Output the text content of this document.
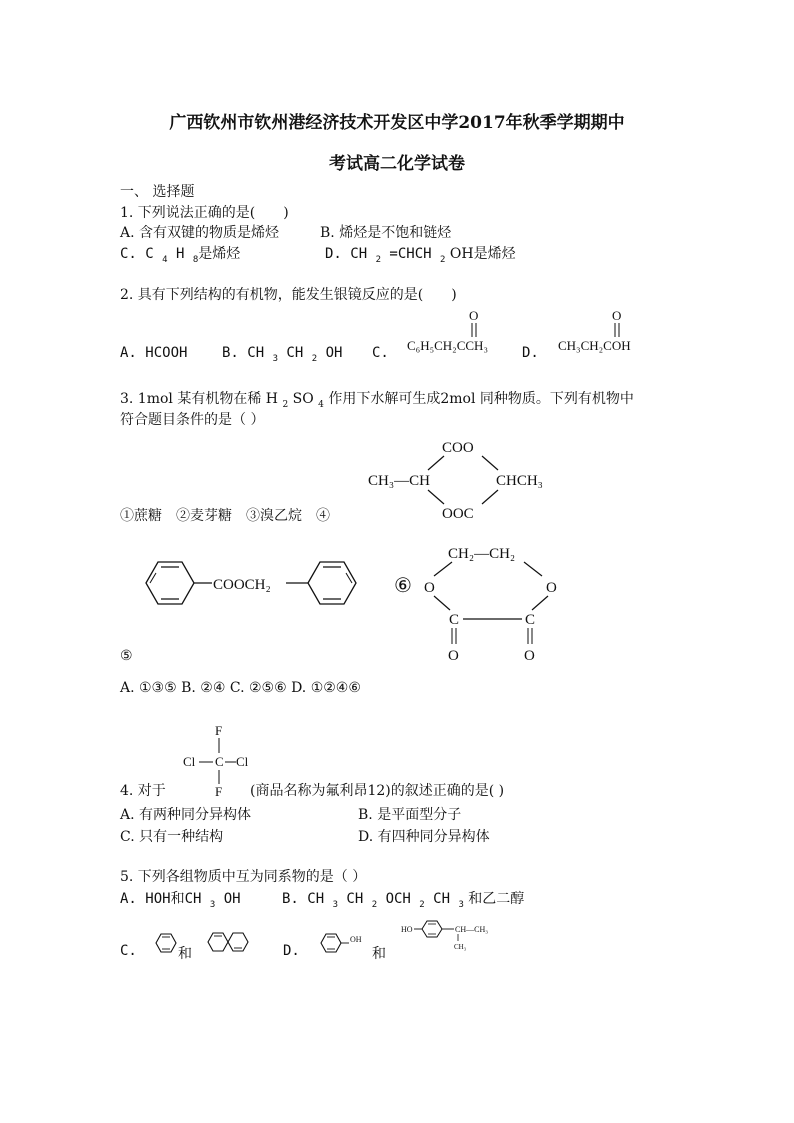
广西钦州市钦州港经济技术开发区中学2017年秋季学期期中
考试高二化学试卷
一、 选择题
1. 下列说法正确的是(　　)
A. 含有双键的物质是烯烃	B. 烯烃是不饱和链烃
C. C $_4$ H $_8$是烯烃	D. CH $_2$ =CHCH $_2$ OH是烯烃
2. 具有下列结构的有机物，能发生银镜反应的是(　　)
A. HCOOH B. CH $_3$ CH $_2$ OH C.
O
C₆H₅CH₂CCH₃ D.
O
CH₃CH₂COH
3. 1mol 某有机物在稀 H $_2$ SO $_4$ 作用下水解可生成2mol 同种物质。下列有机物中
符合题目条件的是（ ）
COO
CH₃—CH	CHCH₃
OOC
①蔗糖　②麦芽糖　③溴乙烷　④
COOCH₂	⑥
CH₂—CH₂
O	O
C	C
O	O
⑤
A. ①③⑤ B. ②④ C. ②⑤⑥ D. ①②④⑥
F
Cl C Cl
F
4. 对于	(商品名称为氟利昂12)的叙述正确的是( )
A. 有两种同分异构体	B. 是平面型分子
C. 只有一种结构	D. 有四种同分异构体
5. 下列各组物质中互为同系物的是（ ）
A. HOH和CH $_3$ OH	B. CH $_3$ CH $_2$ OCH $_2$ CH $_3$ 和乙二醇
C.	和	D.
OH
和
HO	CH—CH₃
CH₃
